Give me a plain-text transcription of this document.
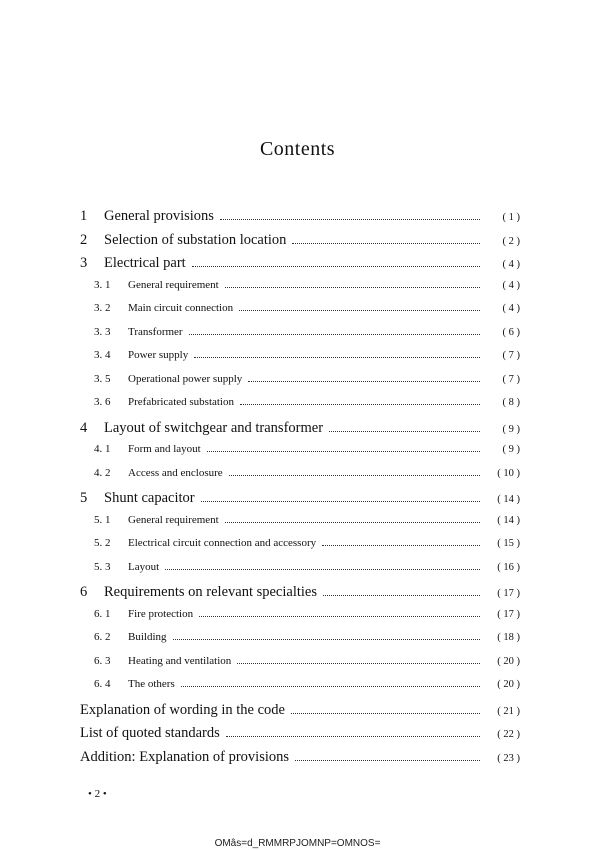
Contents
1	General provisions	( 1 )
2	Selection of substation location	( 2 )
3	Electrical part	( 4 )
3. 1	General requirement	( 4 )
3. 2	Main circuit connection	( 4 )
3. 3	Transformer	( 6 )
3. 4	Power supply	( 7 )
3. 5	Operational power supply	( 7 )
3. 6	Prefabricated substation	( 8 )
4	Layout of switchgear and transformer	( 9 )
4. 1	Form and layout	( 9 )
4. 2	Access and enclosure	( 10 )
5	Shunt capacitor	( 14 )
5. 1	General requirement	( 14 )
5. 2	Electrical circuit connection and accessory	( 15 )
5. 3	Layout	( 16 )
6	Requirements on relevant specialties	( 17 )
6. 1	Fire protection	( 17 )
6. 2	Building	( 18 )
6. 3	Heating and ventilation	( 20 )
6. 4	The others	( 20 )
Explanation of wording in the code	( 21 )
List of quoted standards	( 22 )
Addition: Explanation of provisions	( 23 )
• 2 •
OMâs=d_RMMRPJOMNP=OMNOS=
